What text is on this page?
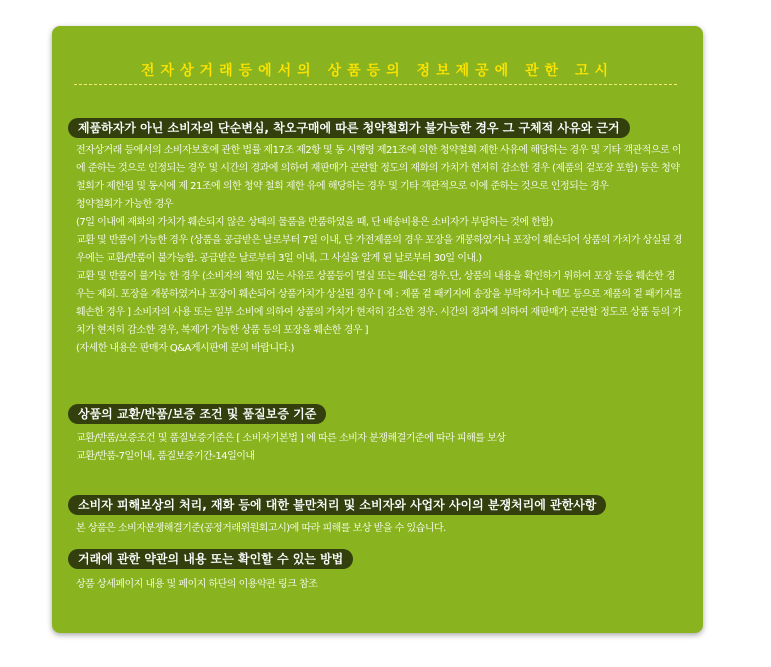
전자상거래등에서의 상품등의 정보제공에 관한 고시
제품하자가 아닌 소비자의 단순변심, 착오구매에 따른 청약철회가 불가능한 경우 그 구체적 사유와 근거

전자상거래 등에서의 소비자보호에 관한 법률 제17조 제2항 및 동 시행령 제21조에 의한 청약철회 제한 사유에 해당하는 경우 및 기타 객관적으로 이에 준하는 것으로 인정되는 경우 및 시간의 경과에 의하여 재판매가 곤란할 정도의 재화의 가치가 현저히 감소한 경우 (제품의 겉포장 포함) 등은 청약철회가 제한됨 및 동시에 제 21조에 의한 청약 철회 제한 유에 해당하는 경우 및 기타 객관적으로 이에 준하는 것으로 인정되는 경우

청약철회가 가능한 경우

(7일 이내에 재화의 가치가 훼손되지 않은 상태의 물품을 반품하였을 때, 단 배송비용은 소비자가 부담하는 것에 한함)

교환 및 반품이 가능한 경우 (상품을 공급받은 날로부터 7일 이내, 단 가전제품의 경우 포장을 개봉하였거나 포장이 훼손되어 상품의 가치가 상실된 경우에는 교환/반품이 불가능함. 공급받은 날로부터 3일 이내, 그 사실을 알게 된 날로부터 30일 이내.)

교환 및 반품이 불가능 한 경우 (소비자의 책임 있는 사유로 상품등이 멸실 또는 훼손된 경우.단, 상품의 내용을 확인하기 위하여 포장 등을 훼손한 경우는 제외. 포장을 개봉하였거나 포장이 훼손되어 상품가치가 상실된 경우 [ 예 : 제품 겉 패키지에 송장을 부탁하거나 메모 등으로 제품의 겉 패키지를 훼손한 경우 ] 소비자의 사용 또는 일부 소비에 의하여 상품의 가치가 현저히 감소한 경우. 시간의 경과에 의하여 재판매가 곤란할 정도로 상품 등의 가치가 현저히 감소한 경우, 복제가 가능한 상품 등의 포장을 훼손한 경우 ]

(자세한 내용은 판매자 Q&A게시판에 문의 바랍니다.)

상품의 교환/반품/보증 조건 및 품질보증 기준

교환/반품/보증조건 및 품질보증기준은 [ 소비자기본법 ] 에 따른 소비자 분쟁해결기준에 따라 피해를 보상

교환/반품-7일이내, 품질보증기간-14일이내

소비자 피해보상의 처리, 재화 등에 대한 불만처리 및 소비자와 사업자 사이의 분쟁처리에 관한사항

본 상품은 소비자분쟁해결기준(공정거래위원회고시)에 따라 피해를 보상 받을 수 있습니다.

거래에 관한 약관의 내용 또는 확인할 수 있는 방법

상품 상세페이지 내용 및 페이지 하단의 이용약관 링크 참조
